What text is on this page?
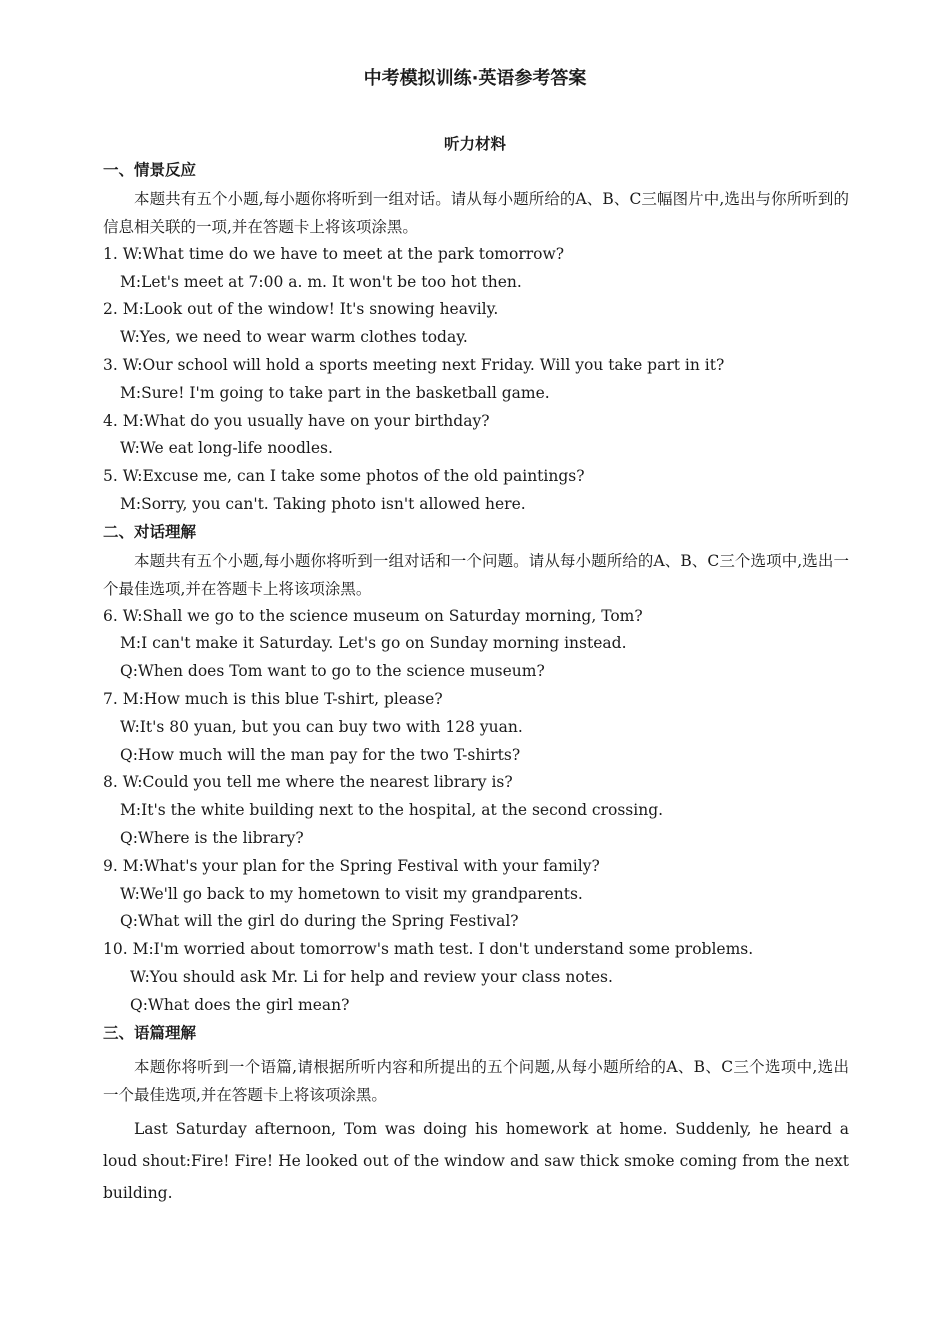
中考模拟训练·英语参考答案
听力材料
一、情景反应
本题共有五个小题,每小题你将听到一组对话。请从每小题所给的A、B、C三幅图片中,选出与你所听到的信息相关联的一项,并在答题卡上将该项涂黑。
1. W:What time do we have to meet at the park tomorrow?
M:Let's meet at 7:00 a. m. It won't be too hot then.
2. M:Look out of the window! It's snowing heavily.
W:Yes, we need to wear warm clothes today.
3. W:Our school will hold a sports meeting next Friday. Will you take part in it?
M:Sure! I'm going to take part in the basketball game.
4. M:What do you usually have on your birthday?
W:We eat long-life noodles.
5. W:Excuse me, can I take some photos of the old paintings?
M:Sorry, you can't. Taking photo isn't allowed here.
二、对话理解
本题共有五个小题,每小题你将听到一组对话和一个问题。请从每小题所给的A、B、C三个选项中,选出一个最佳选项,并在答题卡上将该项涂黑。
6. W:Shall we go to the science museum on Saturday morning, Tom?
M:I can't make it Saturday. Let's go on Sunday morning instead.
Q:When does Tom want to go to the science museum?
7. M:How much is this blue T-shirt, please?
W:It's 80 yuan, but you can buy two with 128 yuan.
Q:How much will the man pay for the two T-shirts?
8. W:Could you tell me where the nearest library is?
M:It's the white building next to the hospital, at the second crossing.
Q:Where is the library?
9. M:What's your plan for the Spring Festival with your family?
W:We'll go back to my hometown to visit my grandparents.
Q:What will the girl do during the Spring Festival?
10. M:I'm worried about tomorrow's math test. I don't understand some problems.
W:You should ask Mr. Li for help and review your class notes.
Q:What does the girl mean?
三、语篇理解
本题你将听到一个语篇,请根据所听内容和所提出的五个问题,从每小题所给的A、B、C三个选项中,选出一个最佳选项,并在答题卡上将该项涂黑。
Last Saturday afternoon, Tom was doing his homework at home. Suddenly, he heard a loud shout:Fire! Fire! He looked out of the window and saw thick smoke coming from the next building.
